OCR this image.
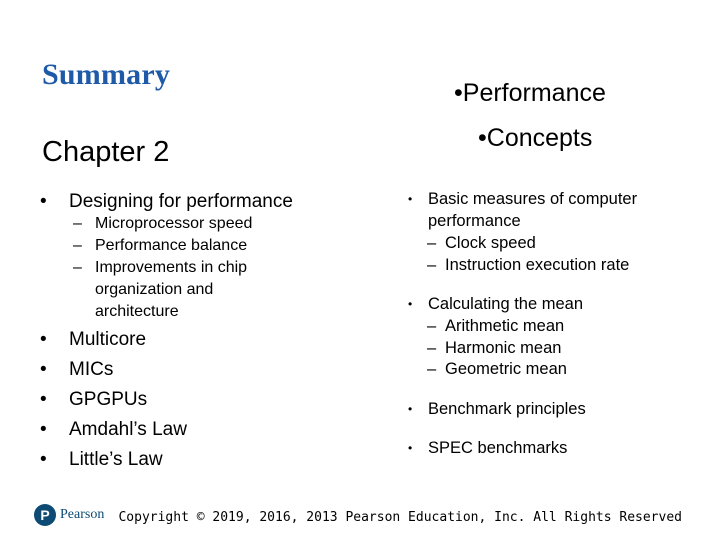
Summary
Chapter 2
•Performance
•Concepts
• Designing for performance
– Microprocessor speed
– Performance balance
– Improvements in chip
organization and
architecture
• Multicore
• MICs
• GPGPUs
• Amdahl’s Law
• Little’s Law
• Basic measures of computer
performance
– Clock speed
– Instruction execution rate
• Calculating the mean
– Arithmetic mean
– Harmonic mean
– Geometric mean
• Benchmark principles
• SPEC benchmarks
P Pearson Copyright © 2019, 2016, 2013 Pearson Education, Inc. All Rights Reserved
